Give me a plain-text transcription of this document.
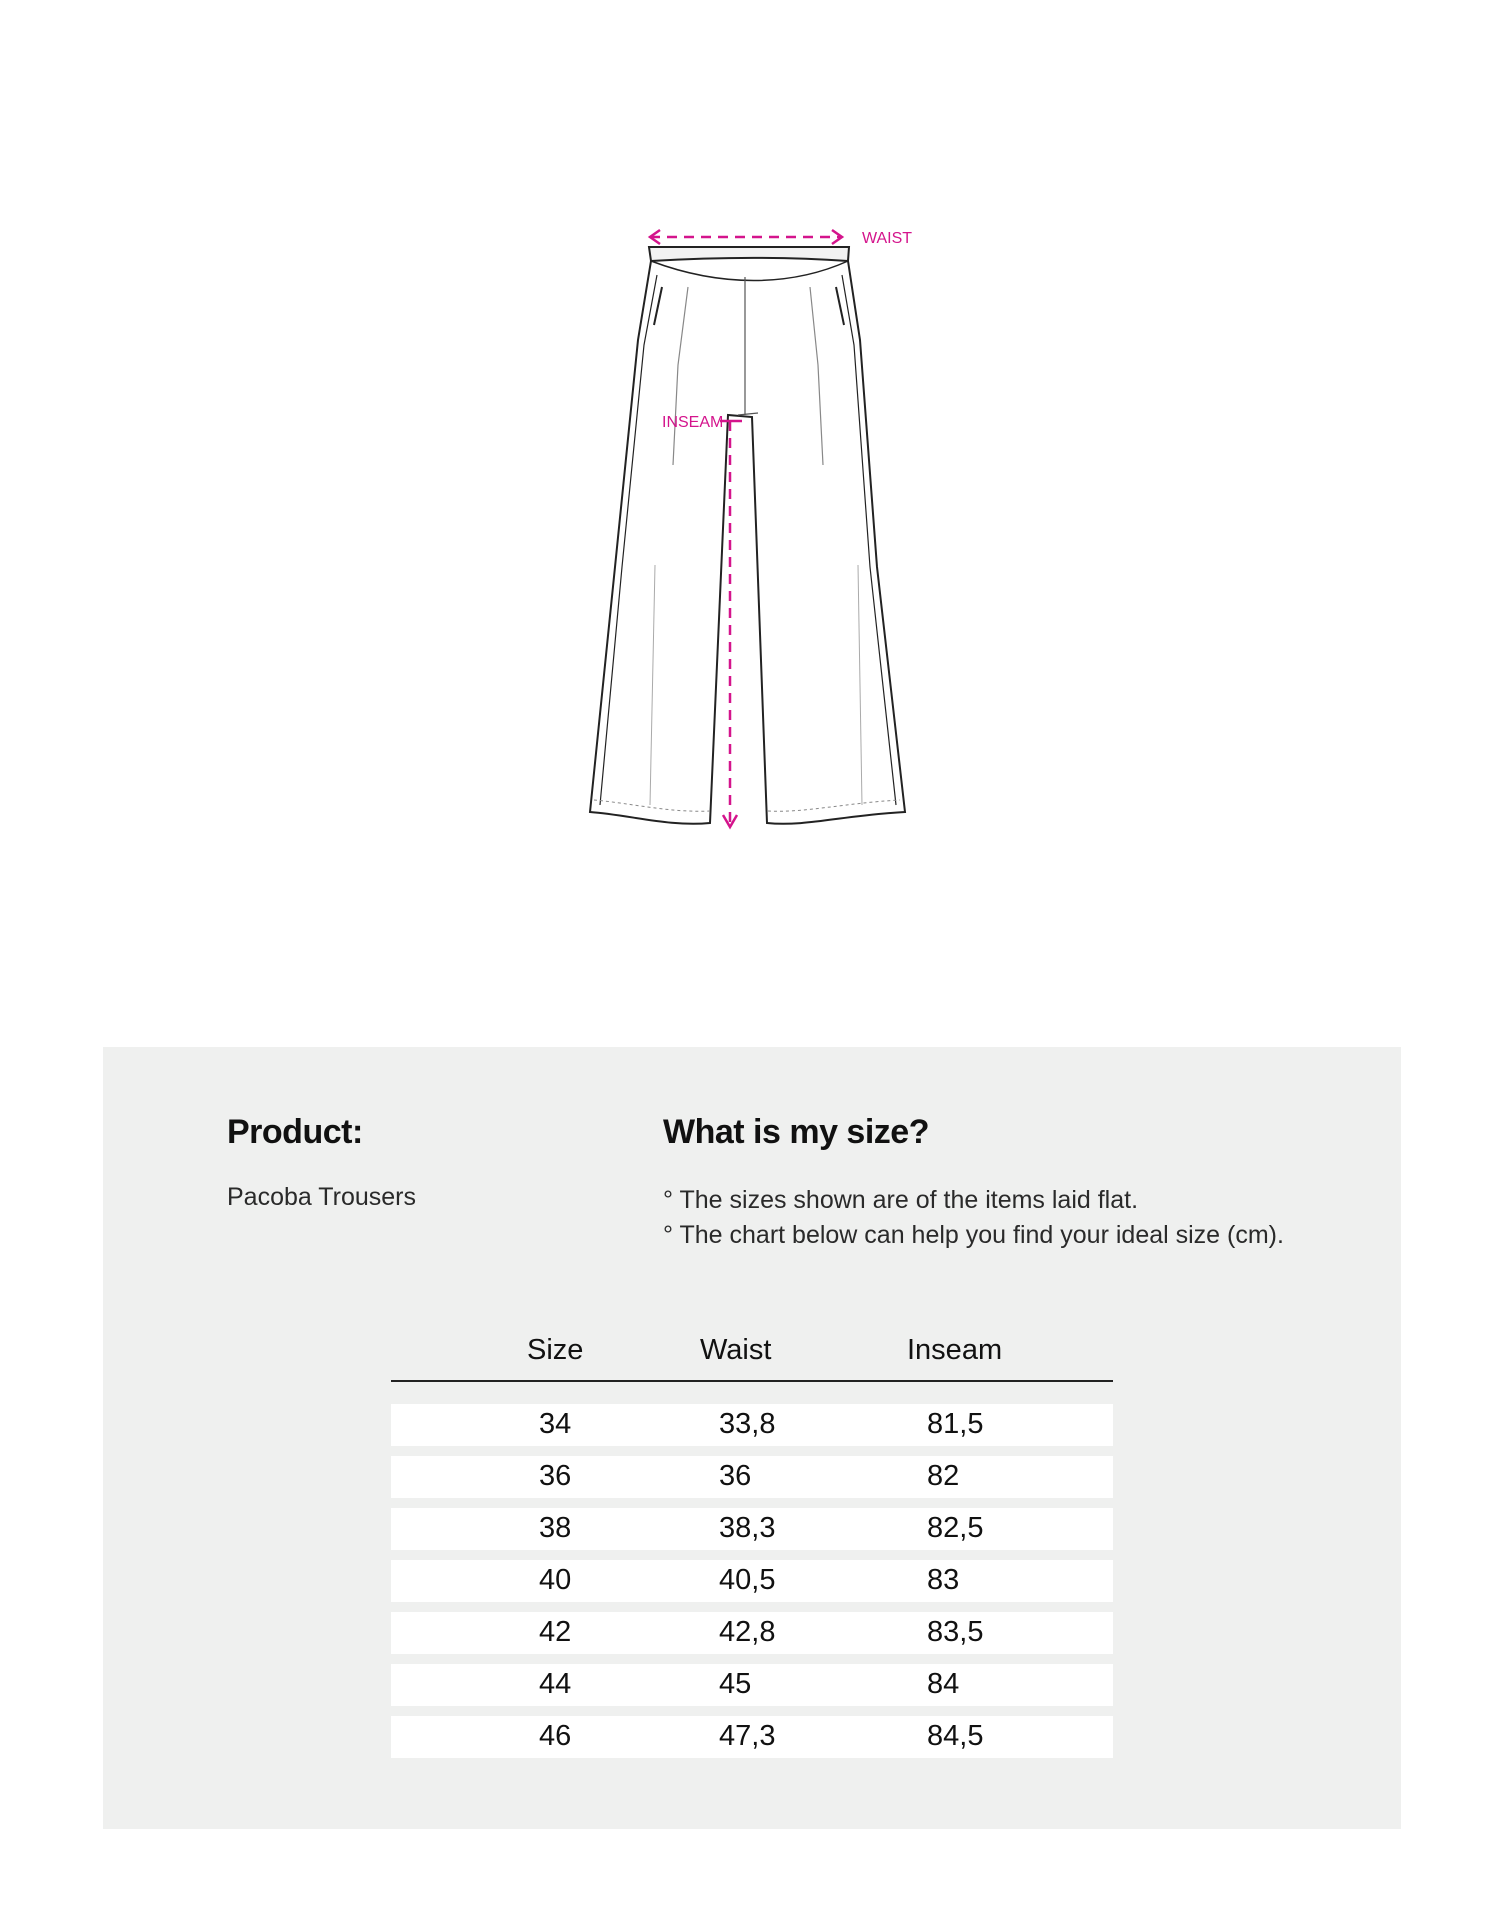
WAIST
INSEAM
Product:
Pacoba Trousers
What is my size?
° The sizes shown are of the items laid flat.
° The chart below can help you find your ideal size (cm).
Size	Waist	Inseam
34	33,8	81,5
36	36	82
38	38,3	82,5
40	40,5	83
42	42,8	83,5
44	45	84
46	47,3	84,5
